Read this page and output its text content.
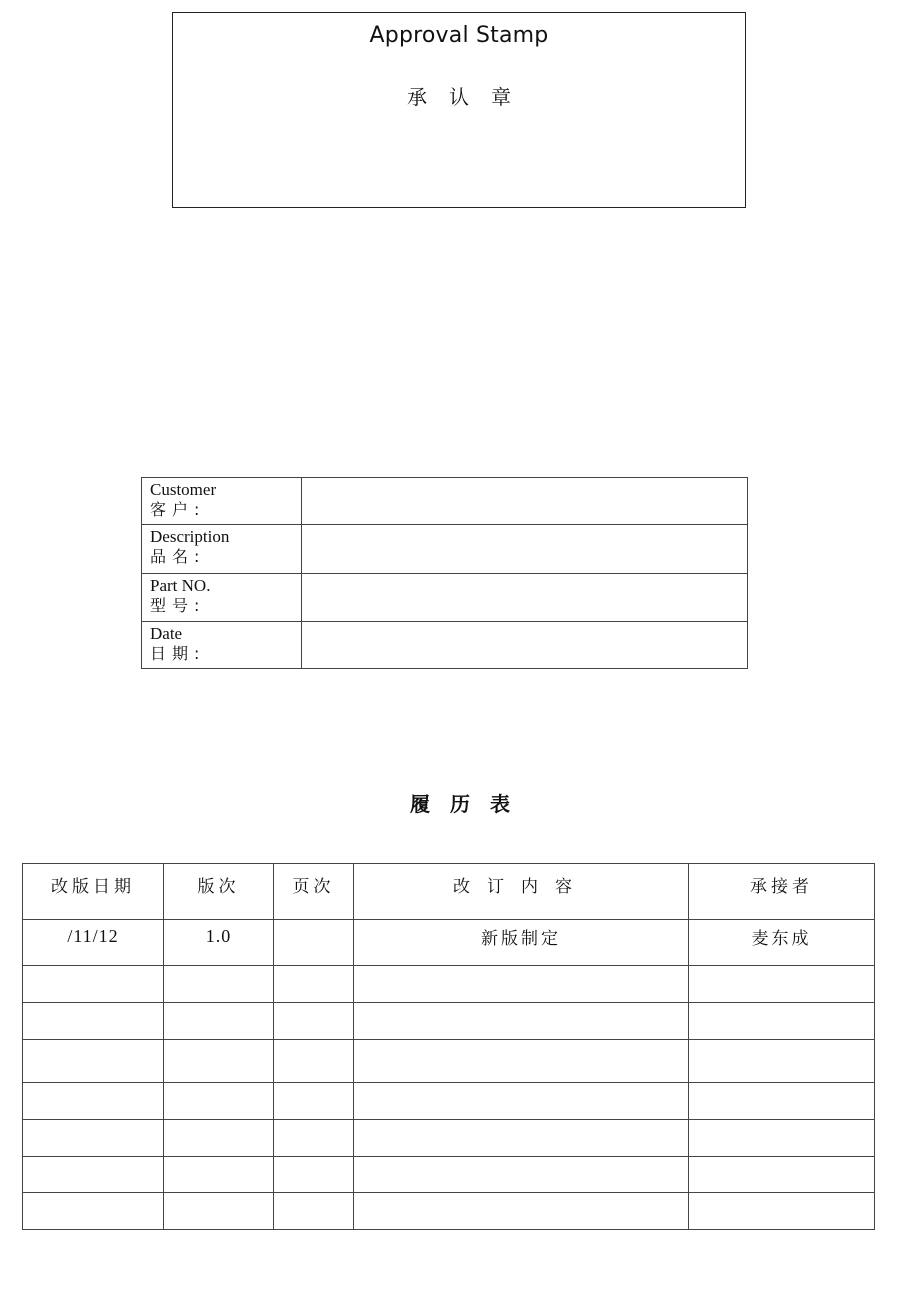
Approval Stamp
承认章
Customer
客户:	

Description
品名:	

Part NO.
型号:	

Date
日期:	

履历表
改版日期	版次	页次	改订内容	承接者

/11/12	1.0		新版制定	麦东成
